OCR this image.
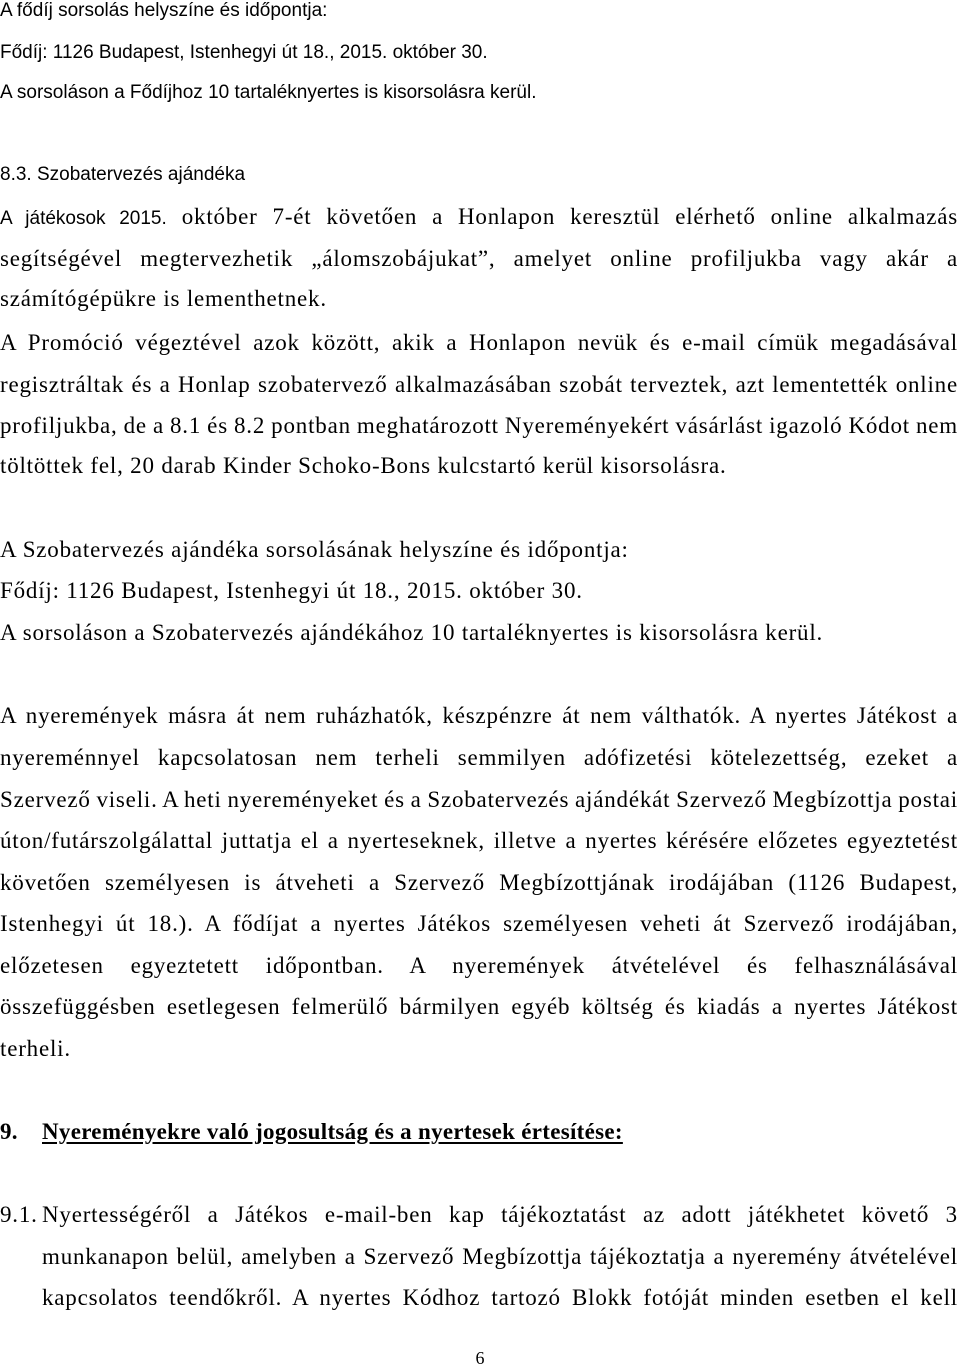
A fődíj sorsolás helyszíne és időpontja:
Fődíj: 1126 Budapest, Istenhegyi út 18., 2015. október 30.
A sorsoláson a Fődíjhoz 10 tartaléknyertes is kisorsolásra kerül.
8.3. Szobatervezés ajándéka
A játékosok 2015. október 7-ét követően a Honlapon keresztül elérhető online alkalmazás
segítségével megtervezhetik „álomszobájukat”, amelyet online profiljukba vagy akár a
számítógépükre is lementhetnek.
A Promóció végeztével azok között, akik a Honlapon nevük és e-mail címük megadásával
regisztráltak és a Honlap szobatervező alkalmazásában szobát terveztek, azt lementették online
profiljukba, de a 8.1 és 8.2 pontban meghatározott Nyereményekért vásárlást igazoló Kódot nem
töltöttek fel, 20 darab Kinder Schoko-Bons kulcstartó kerül kisorsolásra.
A Szobatervezés ajándéka sorsolásának helyszíne és időpontja:
Fődíj: 1126 Budapest, Istenhegyi út 18., 2015. október 30.
A sorsoláson a Szobatervezés ajándékához 10 tartaléknyertes is kisorsolásra kerül.
A nyeremények másra át nem ruházhatók, készpénzre át nem válthatók. A nyertes Játékost a
nyereménnyel kapcsolatosan nem terheli semmilyen adófizetési kötelezettség, ezeket a
Szervező viseli. A heti nyereményeket és a Szobatervezés ajándékát Szervező Megbízottja postai
úton/futárszolgálattal juttatja el a nyerteseknek, illetve a nyertes kérésére előzetes egyeztetést
követően személyesen is átveheti a Szervező Megbízottjának irodájában (1126 Budapest,
Istenhegyi út 18.). A fődíjat a nyertes Játékos személyesen veheti át Szervező irodájában,
előzetesen egyeztetett időpontban. A nyeremények átvételével és felhasználásával
összefüggésben esetlegesen felmerülő bármilyen egyéb költség és kiadás a nyertes Játékost
terheli.
9.	Nyereményekre való jogosultság és a nyertesek értesítése:
9.1. Nyertességéről a Játékos e-mail-ben kap tájékoztatást az adott játékhetet követő 3
munkanapon belül, amelyben a Szervező Megbízottja tájékoztatja a nyeremény átvételével
kapcsolatos teendőkről. A nyertes Kódhoz tartozó Blokk fotóját minden esetben el kell
6
